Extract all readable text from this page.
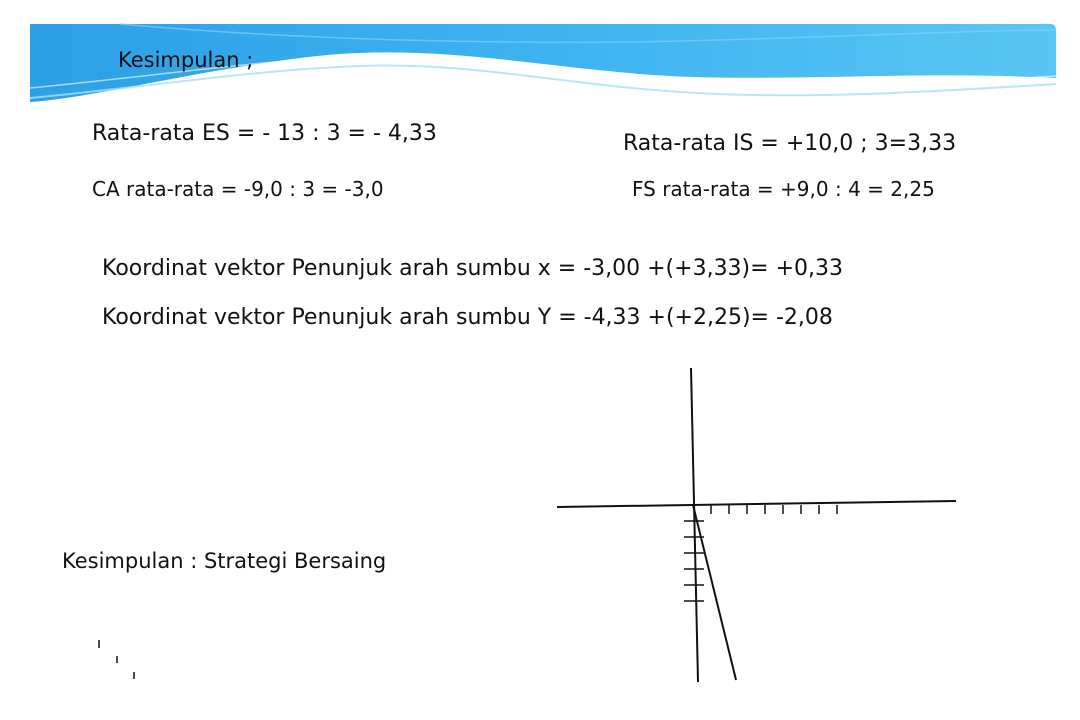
Kesimpulan ;
Rata-rata ES = - 13 : 3 = - 4,33	Rata-rata IS = +10,0 ; 3=3,33
CA rata-rata = -9,0 : 3 = -3,0	FS rata-rata = +9,0 : 4 = 2,25
Koordinat vektor Penunjuk arah sumbu x = -3,00 +(+3,33)= +0,33
Koordinat vektor Penunjuk arah sumbu Y = -4,33 +(+2,25)= -2,08
Kesimpulan : Strategi Bersaing
